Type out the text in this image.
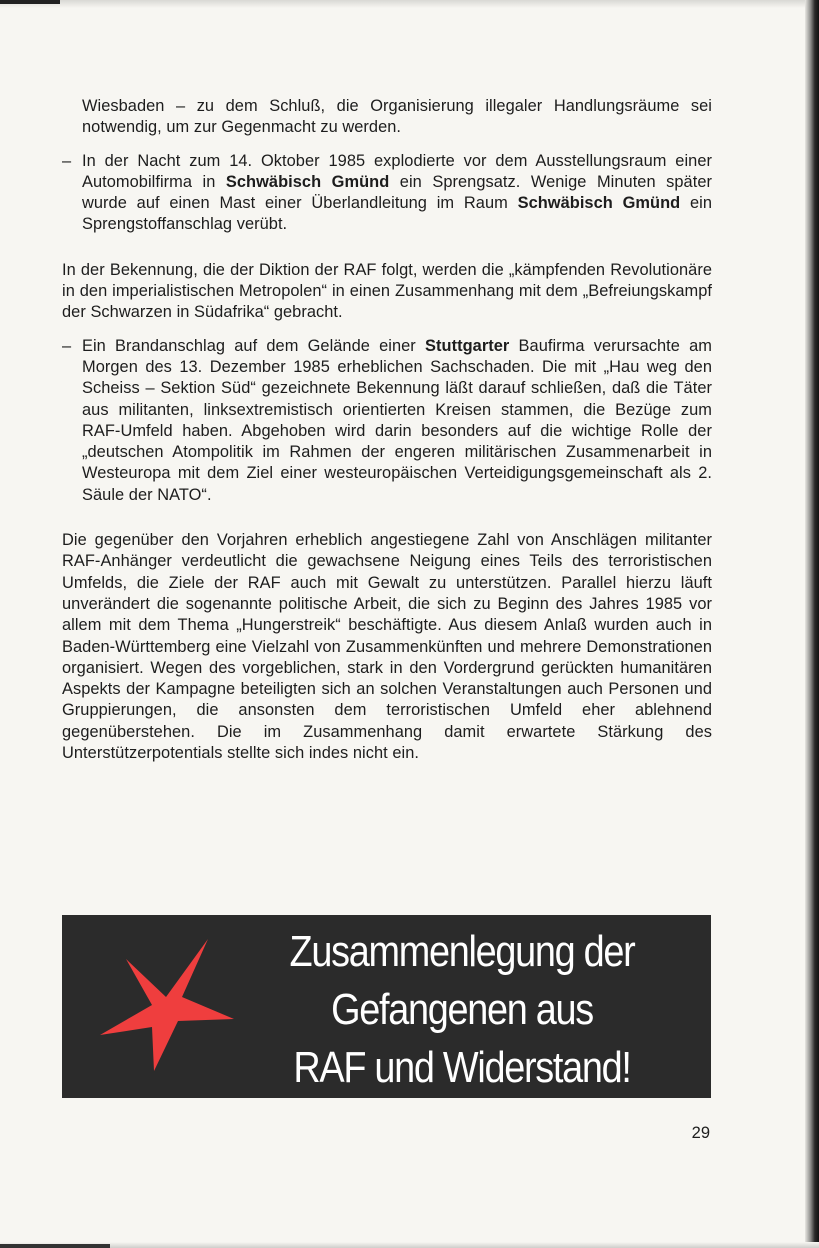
Wiesbaden – zu dem Schluß, die Organisierung illegaler Handlungsräume sei notwendig, um zur Gegenmacht zu werden.

– In der Nacht zum 14. Oktober 1985 explodierte vor dem Ausstellungsraum einer Automobilfirma in Schwäbisch Gmünd ein Sprengsatz. Wenige Minuten später wurde auf einen Mast einer Überlandleitung im Raum Schwäbisch Gmünd ein Sprengstoffanschlag verübt.

In der Bekennung, die der Diktion der RAF folgt, werden die „kämpfenden Revolutionäre in den imperialistischen Metropolen“ in einen Zusammenhang mit dem „Befreiungskampf der Schwarzen in Südafrika“ gebracht.

– Ein Brandanschlag auf dem Gelände einer Stuttgarter Baufirma verursachte am Morgen des 13. Dezember 1985 erheblichen Sachschaden. Die mit „Hau weg den Scheiss – Sektion Süd“ gezeichnete Bekennung läßt darauf schließen, daß die Täter aus militanten, linksextremistisch orientierten Kreisen stammen, die Bezüge zum RAF-Umfeld haben. Abgehoben wird darin besonders auf die wichtige Rolle der „deutschen Atompolitik im Rahmen der engeren militärischen Zusammenarbeit in Westeuropa mit dem Ziel einer westeuropäischen Verteidigungsgemeinschaft als 2. Säule der NATO“.

Die gegenüber den Vorjahren erheblich angestiegene Zahl von Anschlägen militanter RAF-Anhänger verdeutlicht die gewachsene Neigung eines Teils des terroristischen Umfelds, die Ziele der RAF auch mit Gewalt zu unterstützen. Parallel hierzu läuft unverändert die sogenannte politische Arbeit, die sich zu Beginn des Jahres 1985 vor allem mit dem Thema „Hungerstreik“ beschäftigte. Aus diesem Anlaß wurden auch in Baden-Württemberg eine Vielzahl von Zusammenkünften und mehrere Demonstrationen organisiert. Wegen des vorgeblichen, stark in den Vordergrund gerückten humanitären Aspekts der Kampagne beteiligten sich an solchen Veranstaltungen auch Personen und Gruppierungen, die ansonsten dem terroristischen Umfeld eher ablehnend gegenüberstehen. Die im Zusammenhang damit erwartete Stärkung des Unterstützerpotentials stellte sich indes nicht ein.

Zusammenlegung der
Gefangenen aus
RAF und Widerstand!
29
